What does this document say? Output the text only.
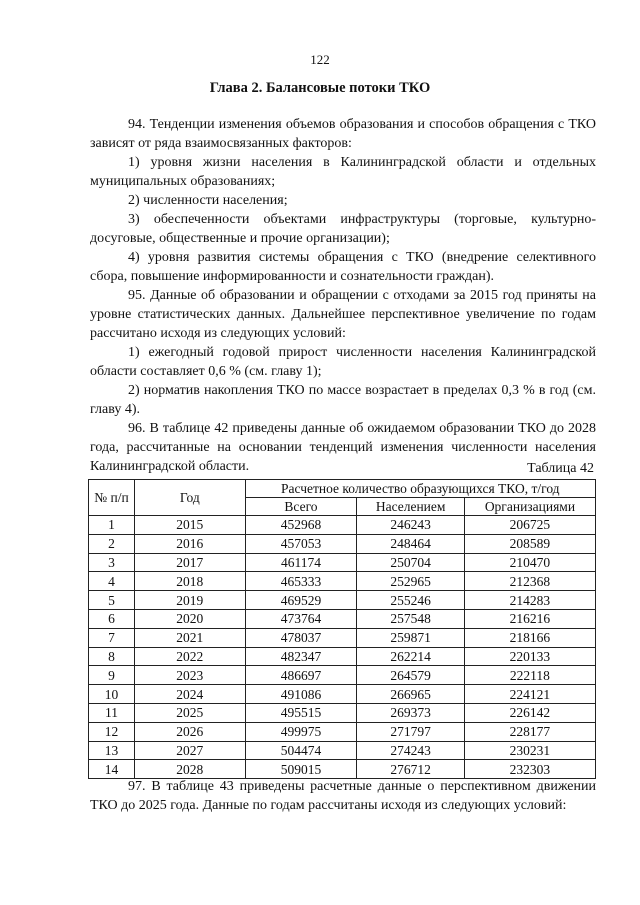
122
Глава 2. Балансовые потоки ТКО

94. Тенденции изменения объемов образования и способов обращения с ТКО зависят от ряда взаимосвязанных факторов:

1) уровня жизни населения в Калининградской области и отдельных муниципальных образованиях;

2) численности населения;

3) обеспеченности объектами инфраструктуры (торговые, культурно-досуговые, общественные и прочие организации);

4) уровня развития системы обращения с ТКО (внедрение селективного сбора, повышение информированности и сознательности граждан).

95. Данные об образовании и обращении с отходами за 2015 год приняты на уровне статистических данных. Дальнейшее перспективное увеличение по годам рассчитано исходя из следующих условий:

1) ежегодный годовой прирост численности населения Калининградской области составляет 0,6 % (см. главу 1);

2) норматив накопления ТКО по массе возрастает в пределах 0,3 % в год (см. главу 4).

96. В таблице 42 приведены данные об ожидаемом образовании ТКО до 2028 года, рассчитанные на основании тенденций изменения численности населения Калининградской области.	Таблица 42
№ п/п	Год	Расчетное количество образующихся ТКО, т/год		
		Всего	Населением	Организациями
1	2015	452968	246243	206725
2	2016	457053	248464	208589
3	2017	461174	250704	210470
4	2018	465333	252965	212368
5	2019	469529	255246	214283
6	2020	473764	257548	216216
7	2021	478037	259871	218166
8	2022	482347	262214	220133
9	2023	486697	264579	222118
10	2024	491086	266965	224121
11	2025	495515	269373	226142
12	2026	499975	271797	228177
13	2027	504474	274243	230231
14	2028	509015	276712	232303

97. В таблице 43 приведены расчетные данные о перспективном движении ТКО до 2025 года. Данные по годам рассчитаны исходя из следующих условий:
